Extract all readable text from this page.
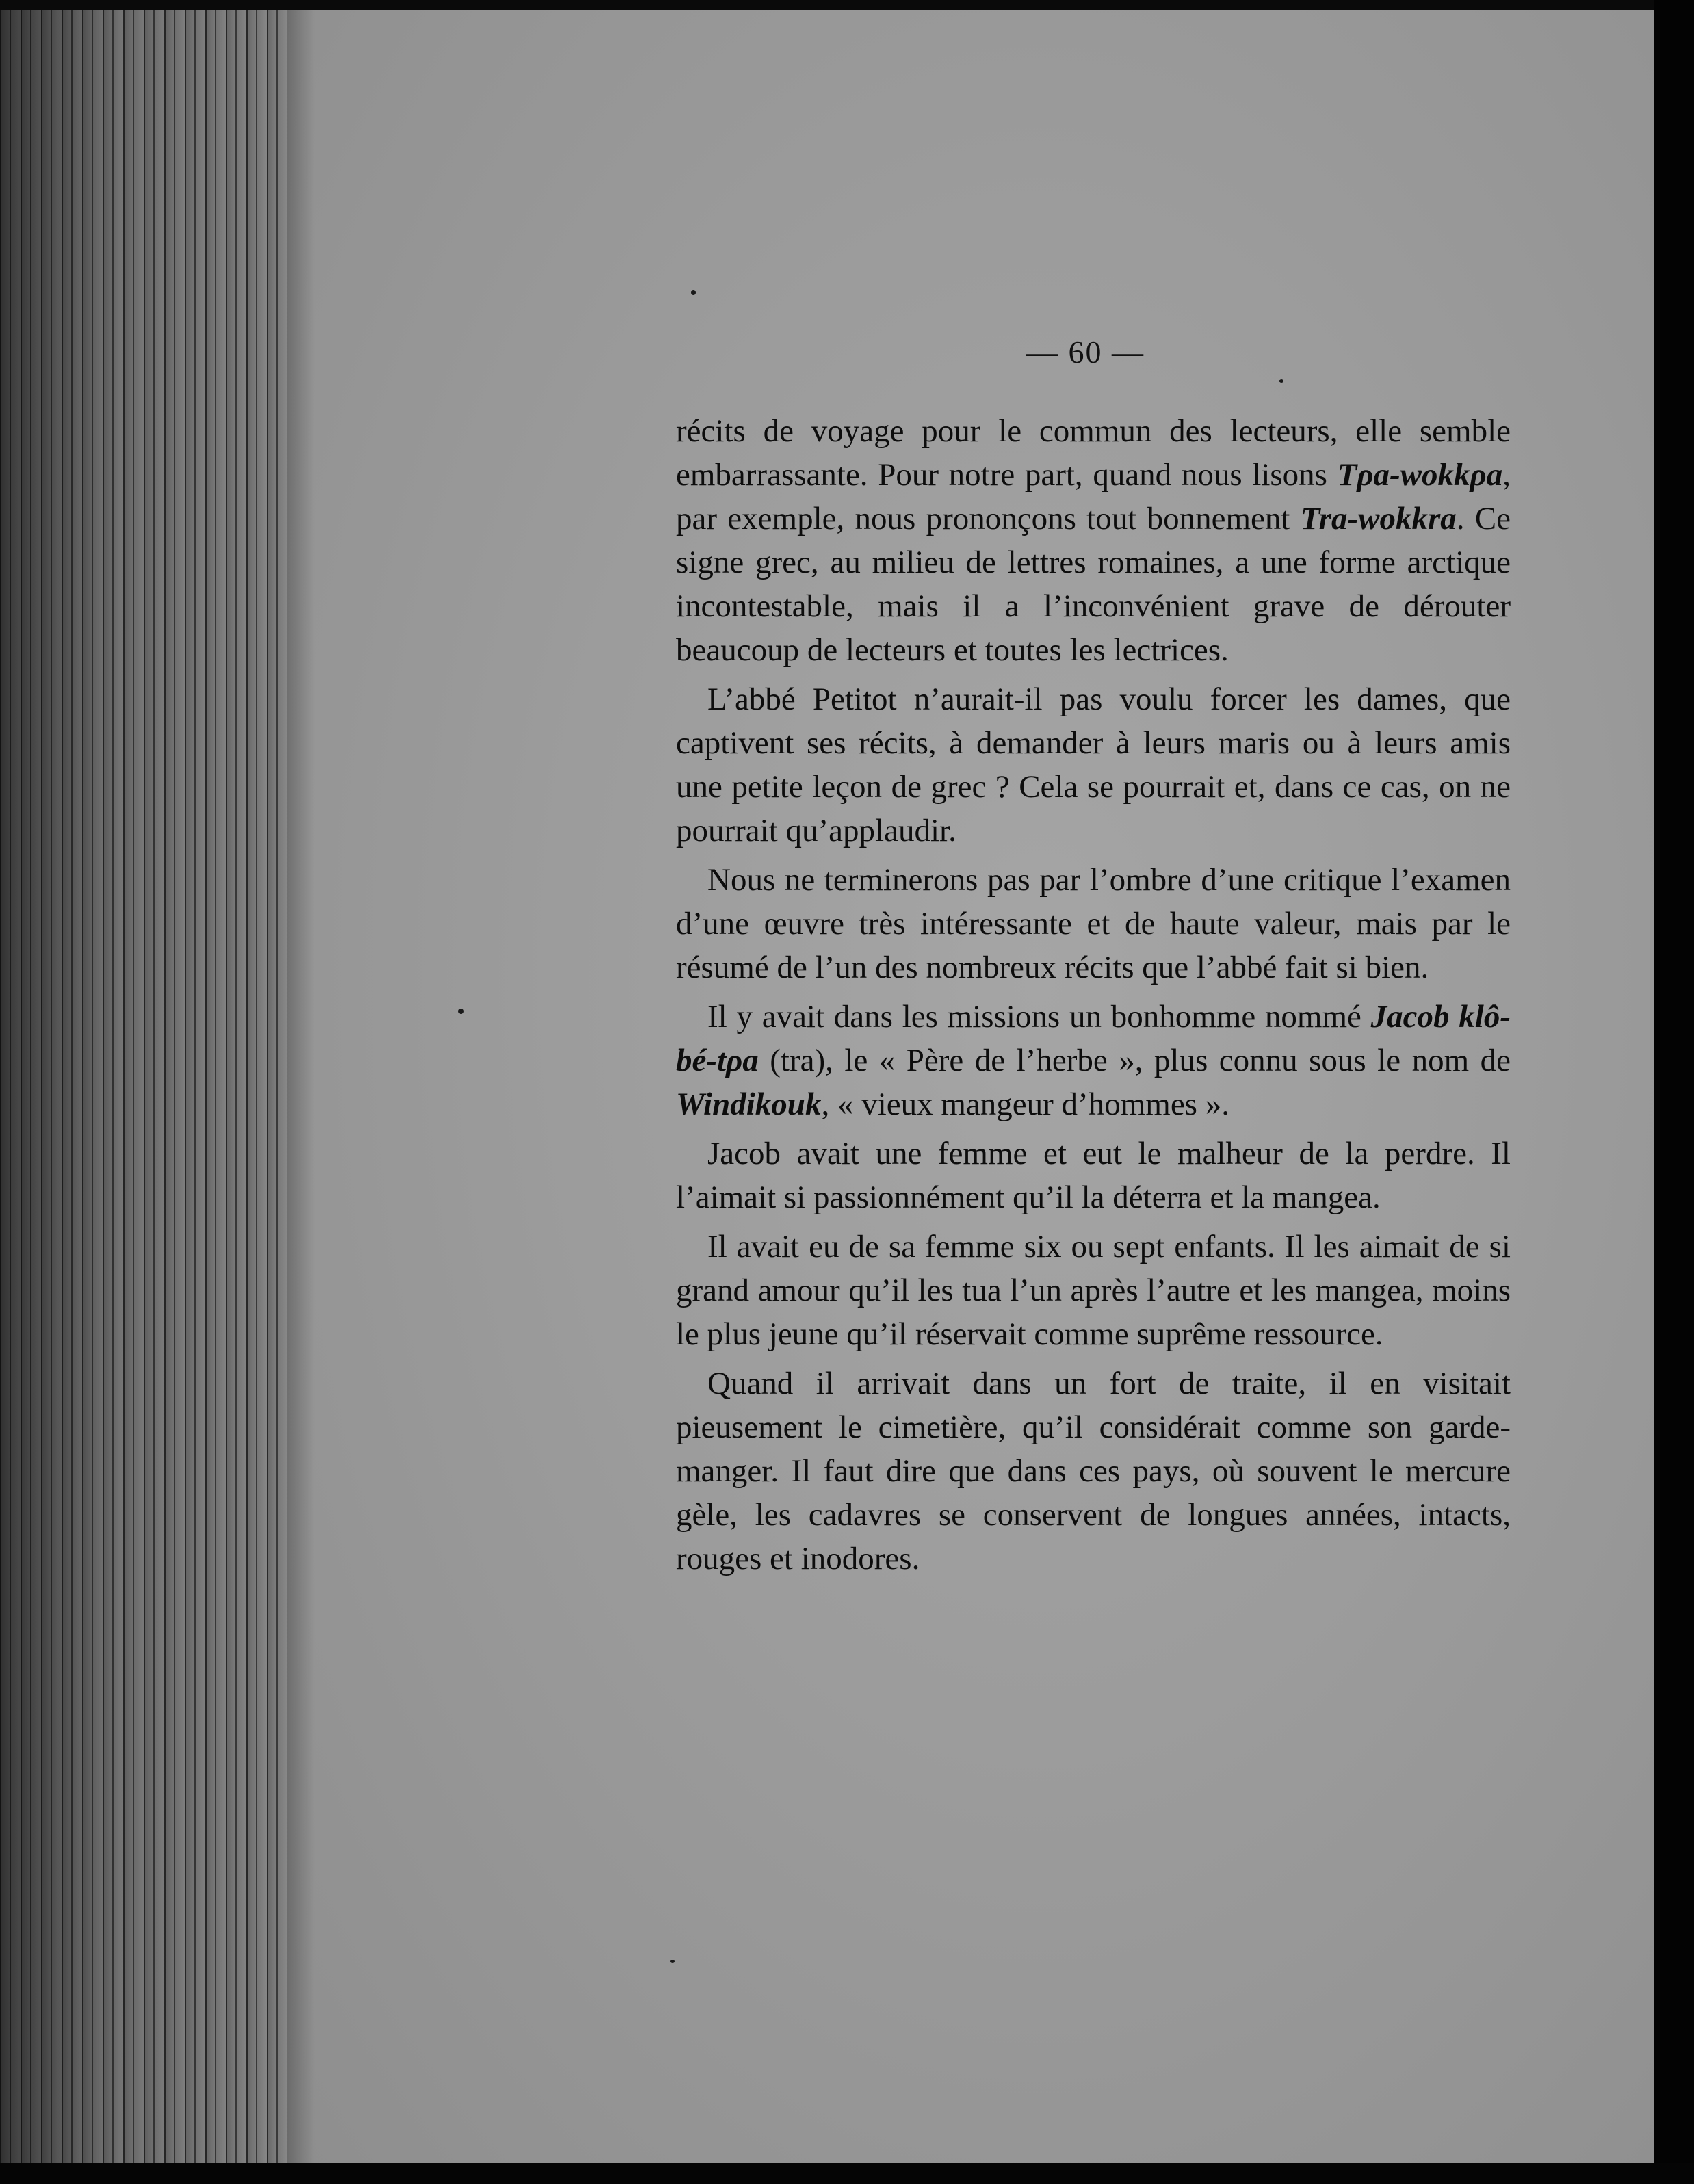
— 60 —

récits de voyage pour le commun des lecteurs, elle semble embarrassante. Pour notre part, quand nous lisons Tρa-wokkρa, par exemple, nous prononçons tout bonnement Tra-wokkra. Ce signe grec, au milieu de lettres romaines, a une forme arctique incontestable, mais il a l’inconvénient grave de dérouter beaucoup de lecteurs et toutes les lectrices.

L’abbé Petitot n’aurait-il pas voulu forcer les dames, que captivent ses récits, à demander à leurs maris ou à leurs amis une petite leçon de grec ? Cela se pourrait et, dans ce cas, on ne pourrait qu’applaudir.

Nous ne terminerons pas par l’ombre d’une critique l’examen d’une œuvre très intéressante et de haute valeur, mais par le résumé de l’un des nombreux récits que l’abbé fait si bien.

Il y avait dans les missions un bonhomme nommé Jacob klô-bé-tρa (tra), le « Père de l’herbe », plus connu sous le nom de Windikouk, « vieux mangeur d’hommes ».

Jacob avait une femme et eut le malheur de la perdre. Il l’aimait si passionnément qu’il la déterra et la mangea.

Il avait eu de sa femme six ou sept enfants. Il les aimait de si grand amour qu’il les tua l’un après l’autre et les mangea, moins le plus jeune qu’il réservait comme suprême ressource.

Quand il arrivait dans un fort de traite, il en visitait pieusement le cimetière, qu’il considérait comme son garde-manger. Il faut dire que dans ces pays, où souvent le mercure gèle, les cadavres se conservent de longues années, intacts, rouges et inodores.
